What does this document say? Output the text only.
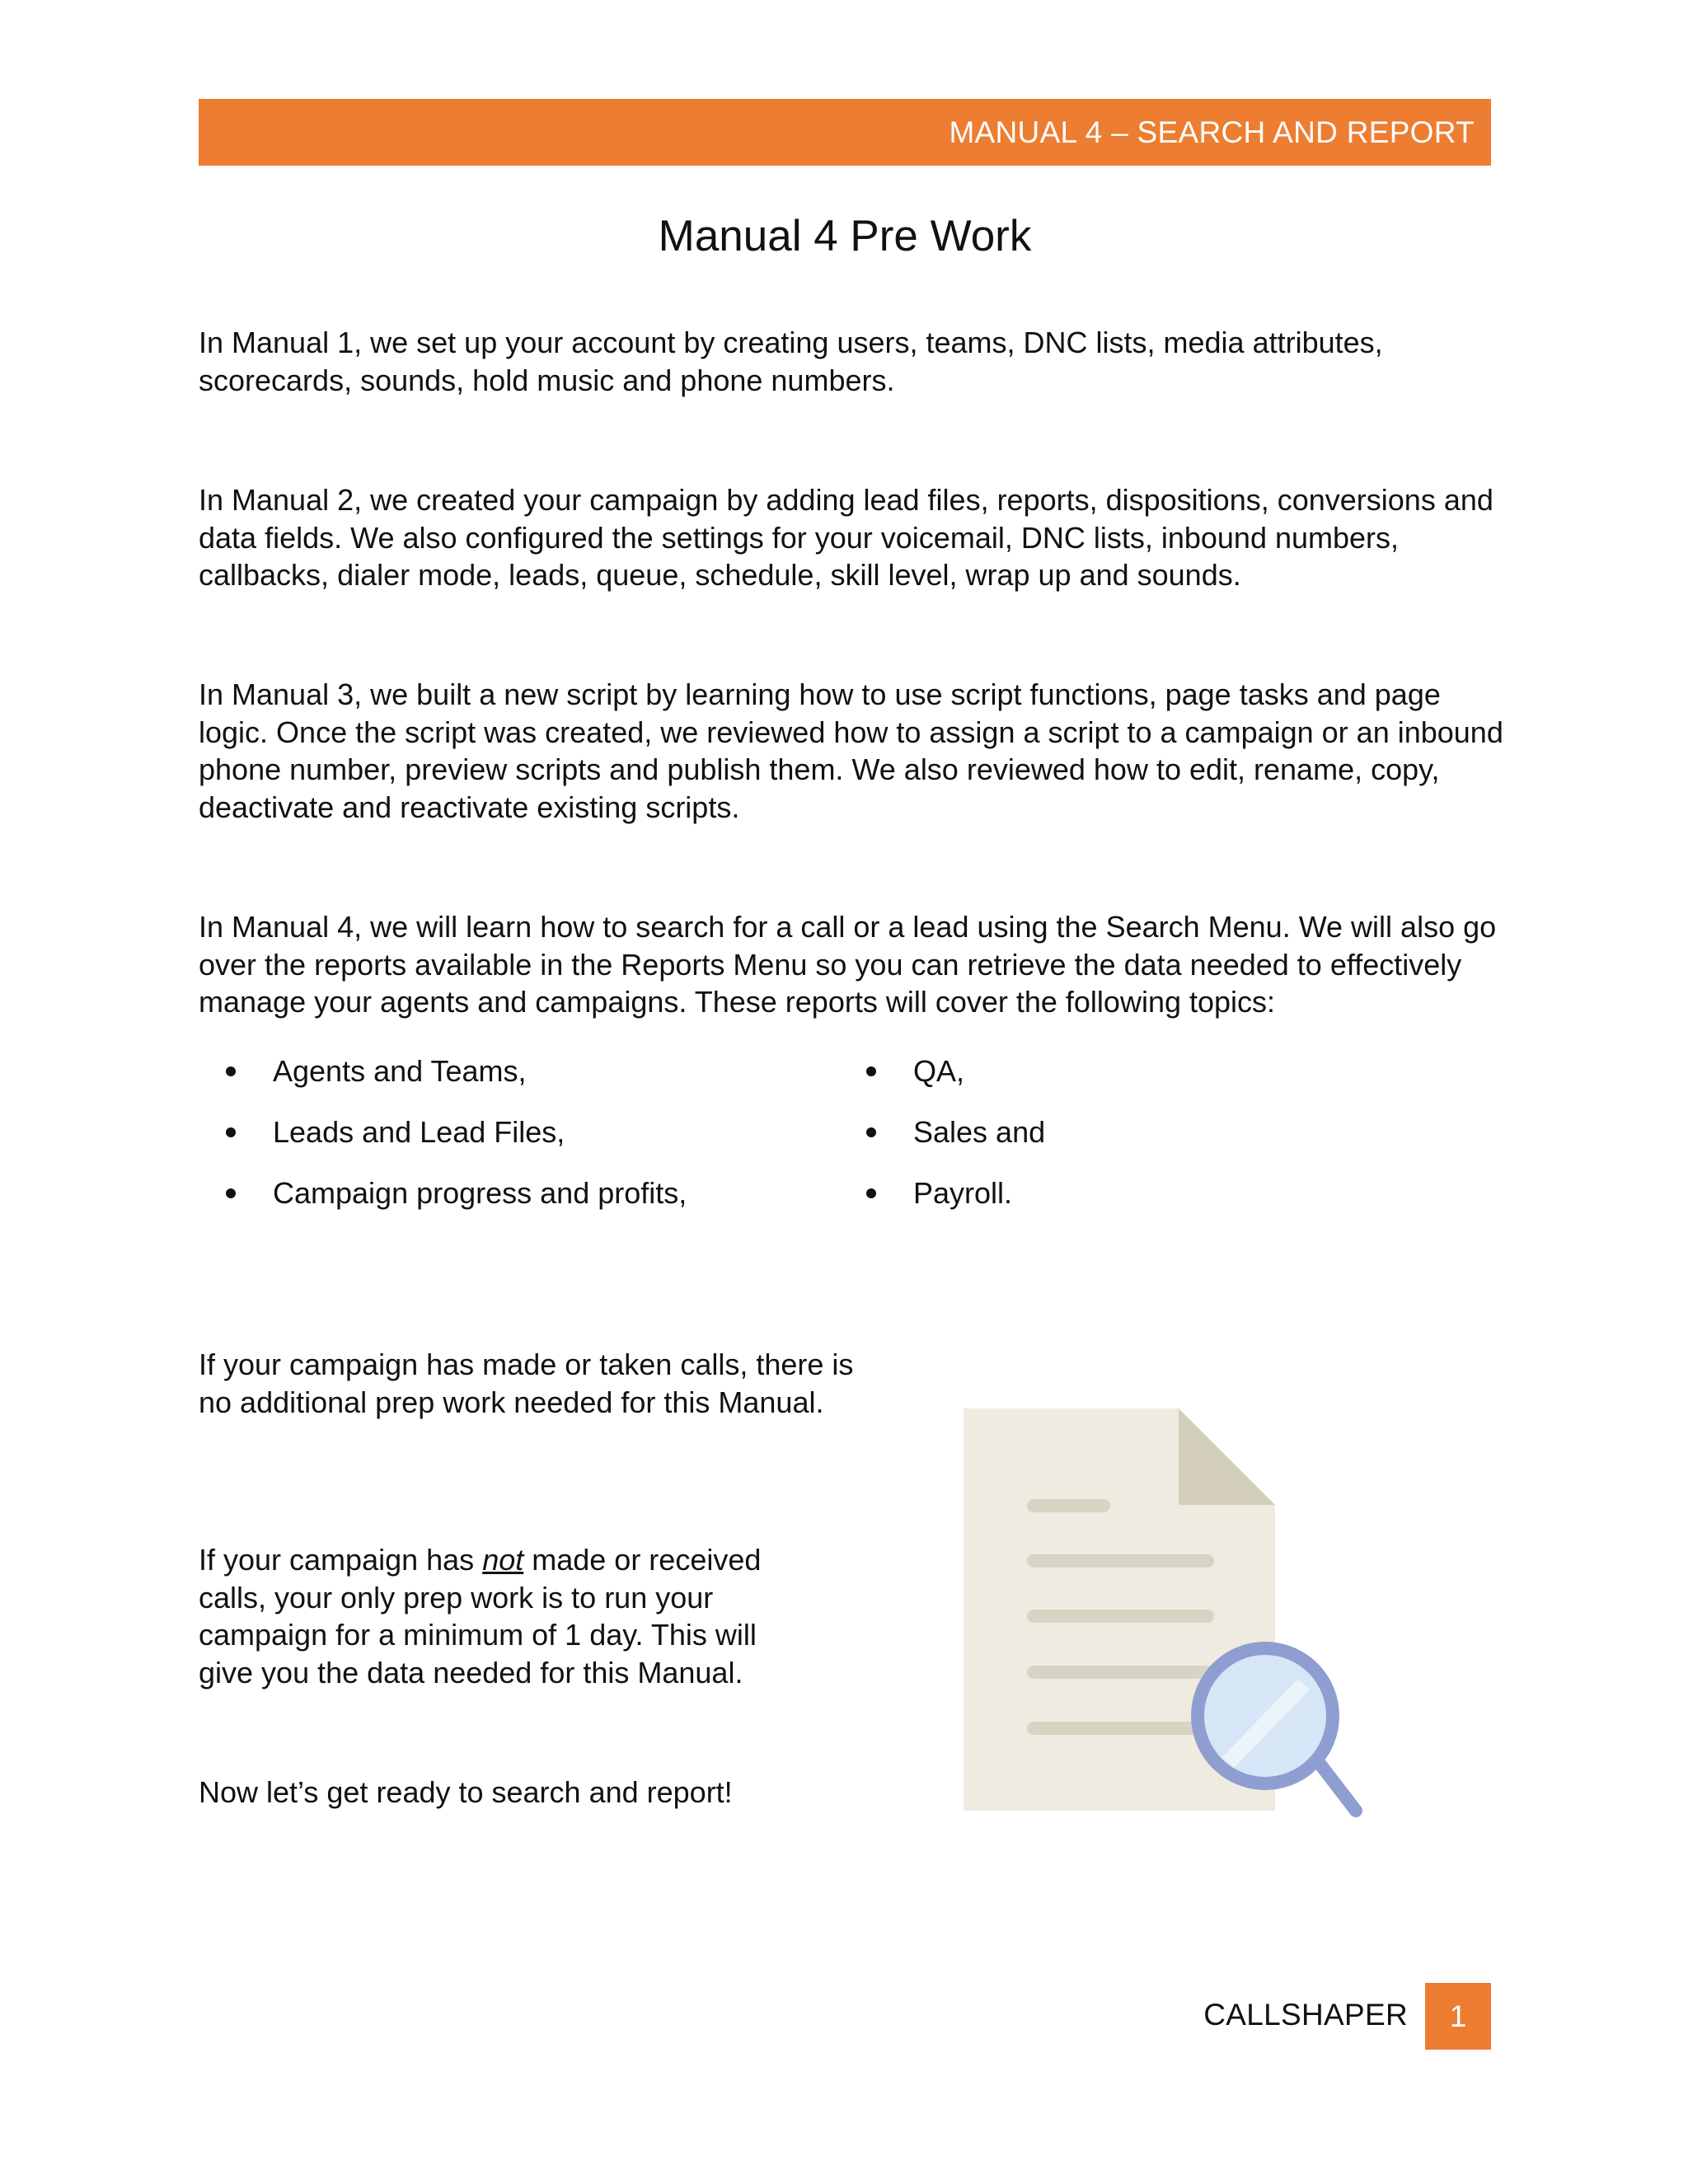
MANUAL 4 – SEARCH AND REPORT
Manual 4 Pre Work

In Manual 1, we set up your account by creating users, teams, DNC lists, media attributes, scorecards, sounds, hold music and phone numbers.

In Manual 2, we created your campaign by adding lead files, reports, dispositions, conversions and data fields. We also configured the settings for your voicemail, DNC lists, inbound numbers, callbacks, dialer mode, leads, queue, schedule, skill level, wrap up and sounds.

In Manual 3, we built a new script by learning how to use script functions, page tasks and page logic. Once the script was created, we reviewed how to assign a script to a campaign or an inbound phone number, preview scripts and publish them. We also reviewed how to edit, rename, copy, deactivate and reactivate existing scripts.

In Manual 4, we will learn how to search for a call or a lead using the Search Menu. We will also go over the reports available in the Reports Menu so you can retrieve the data needed to effectively manage your agents and campaigns. These reports will cover the following topics:

Agents and Teams,
Leads and Lead Files,
Campaign progress and profits,
QA,
Sales and
Payroll.

If your campaign has made or taken calls, there is no additional prep work needed for this Manual.

If your campaign has not made or received calls, your only prep work is to run your campaign for a minimum of 1 day. This will give you the data needed for this Manual.

Now let’s get ready to search and report!

CALLSHAPER	1
